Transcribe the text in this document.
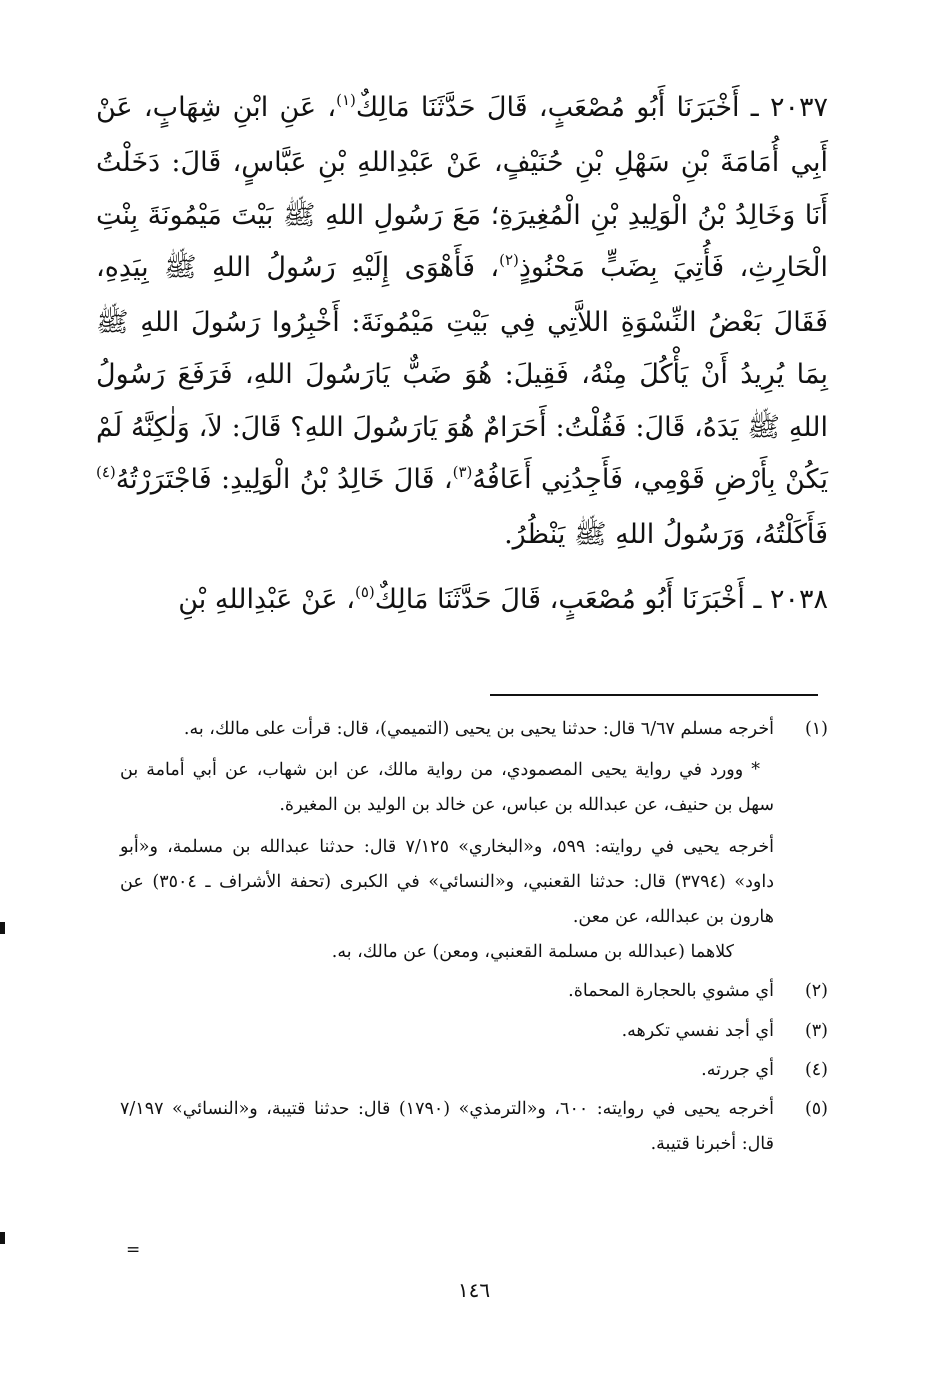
٢٠٣٧ ـ أَخْبَرَنَا أَبُو مُصْعَبٍ، قَالَ حَدَّثَنَا مَالِكٌ$^{(١)}$، عَنِ ابْنِ شِهَابٍ، عَنْ أَبِي أُمَامَةَ بْنِ سَهْلِ بْنِ حُنَيْفٍ، عَنْ عَبْدِاللهِ بْنِ عَبَّاسٍ، قَالَ: دَخَلْتُ أَنَا وَخَالِدُ بْنُ الْوَلِيدِ بْنِ الْمُغِيرَةِ؛ مَعَ رَسُولِ اللهِ ﷺ بَيْتَ مَيْمُونَةَ بِنْتِ الْحَارِثِ، فَأُتِيَ بِضَبٍّ مَحْنُوذٍ$^{(٢)}$، فَأَهْوَى إِلَيْهِ رَسُولُ اللهِ ﷺ بِيَدِهِ، فَقَالَ بَعْضُ النِّسْوَةِ اللاَّتِي فِي بَيْتِ مَيْمُونَةَ: أَخْبِرُوا رَسُولَ اللهِ ﷺ بِمَا يُرِيدُ أَنْ يَأْكُلَ مِنْهُ، فَقِيلَ: هُوَ ضَبٌّ يَارَسُولَ اللهِ، فَرَفَعَ رَسُولُ اللهِ ﷺ يَدَهُ، قَالَ: فَقُلْتُ: أَحَرَامٌ هُوَ يَارَسُولَ اللهِ؟ قَالَ: لاَ، وَلٰكِنَّهُ لَمْ يَكُنْ بِأَرْضِ قَوْمِي، فَأَجِدُنِي أَعَافُهُ$^{(٣)}$، قَالَ خَالِدُ بْنُ الْوَلِيدِ: فَاجْتَرَرْتُهُ$^{(٤)}$ فَأَكَلْتُهُ، وَرَسُولُ اللهِ ﷺ يَنْظُرُ.

٢٠٣٨ ـ أَخْبَرَنَا أَبُو مُصْعَبٍ، قَالَ حَدَّثَنَا مَالِكٌ$^{(٥)}$، عَنْ عَبْدِاللهِ بْنِ

(١)

أخرجه مسلم ٦/٦٧ قال: حدثنا يحيى بن يحيى (التميمي)، قال: قرأت على مالك، به.

* وورد في رواية يحيى المصمودي، من رواية مالك، عن ابن شهاب، عن أبي أمامة بن سهل بن حنيف، عن عبدالله بن عباس، عن خالد بن الوليد بن المغيرة.

أخرجه يحيى في روايته: ٥٩٩، و«البخاري» ٧/١٢٥ قال: حدثنا عبدالله بن مسلمة، و«أبو داود» (٣٧٩٤) قال: حدثنا القعنبي، و«النسائي» في الكبرى (تحفة الأشراف ـ ٣٥٠٤) عن هارون بن عبدالله، عن معن.

كلاهما (عبدالله بن مسلمة القعنبي، ومعن) عن مالك، به.

(٢)
أي مشوي بالحجارة المحماة.
(٣)
أي أجد نفسي تكرهه.
(٤)
أي جررته.
(٥)
أخرجه يحيى في روايته: ٦٠٠، و«الترمذي» (١٧٩٠) قال: حدثنا قتيبة، و«النسائي» ٧/١٩٧ قال: أخبرنا قتيبة.
=
١٤٦
